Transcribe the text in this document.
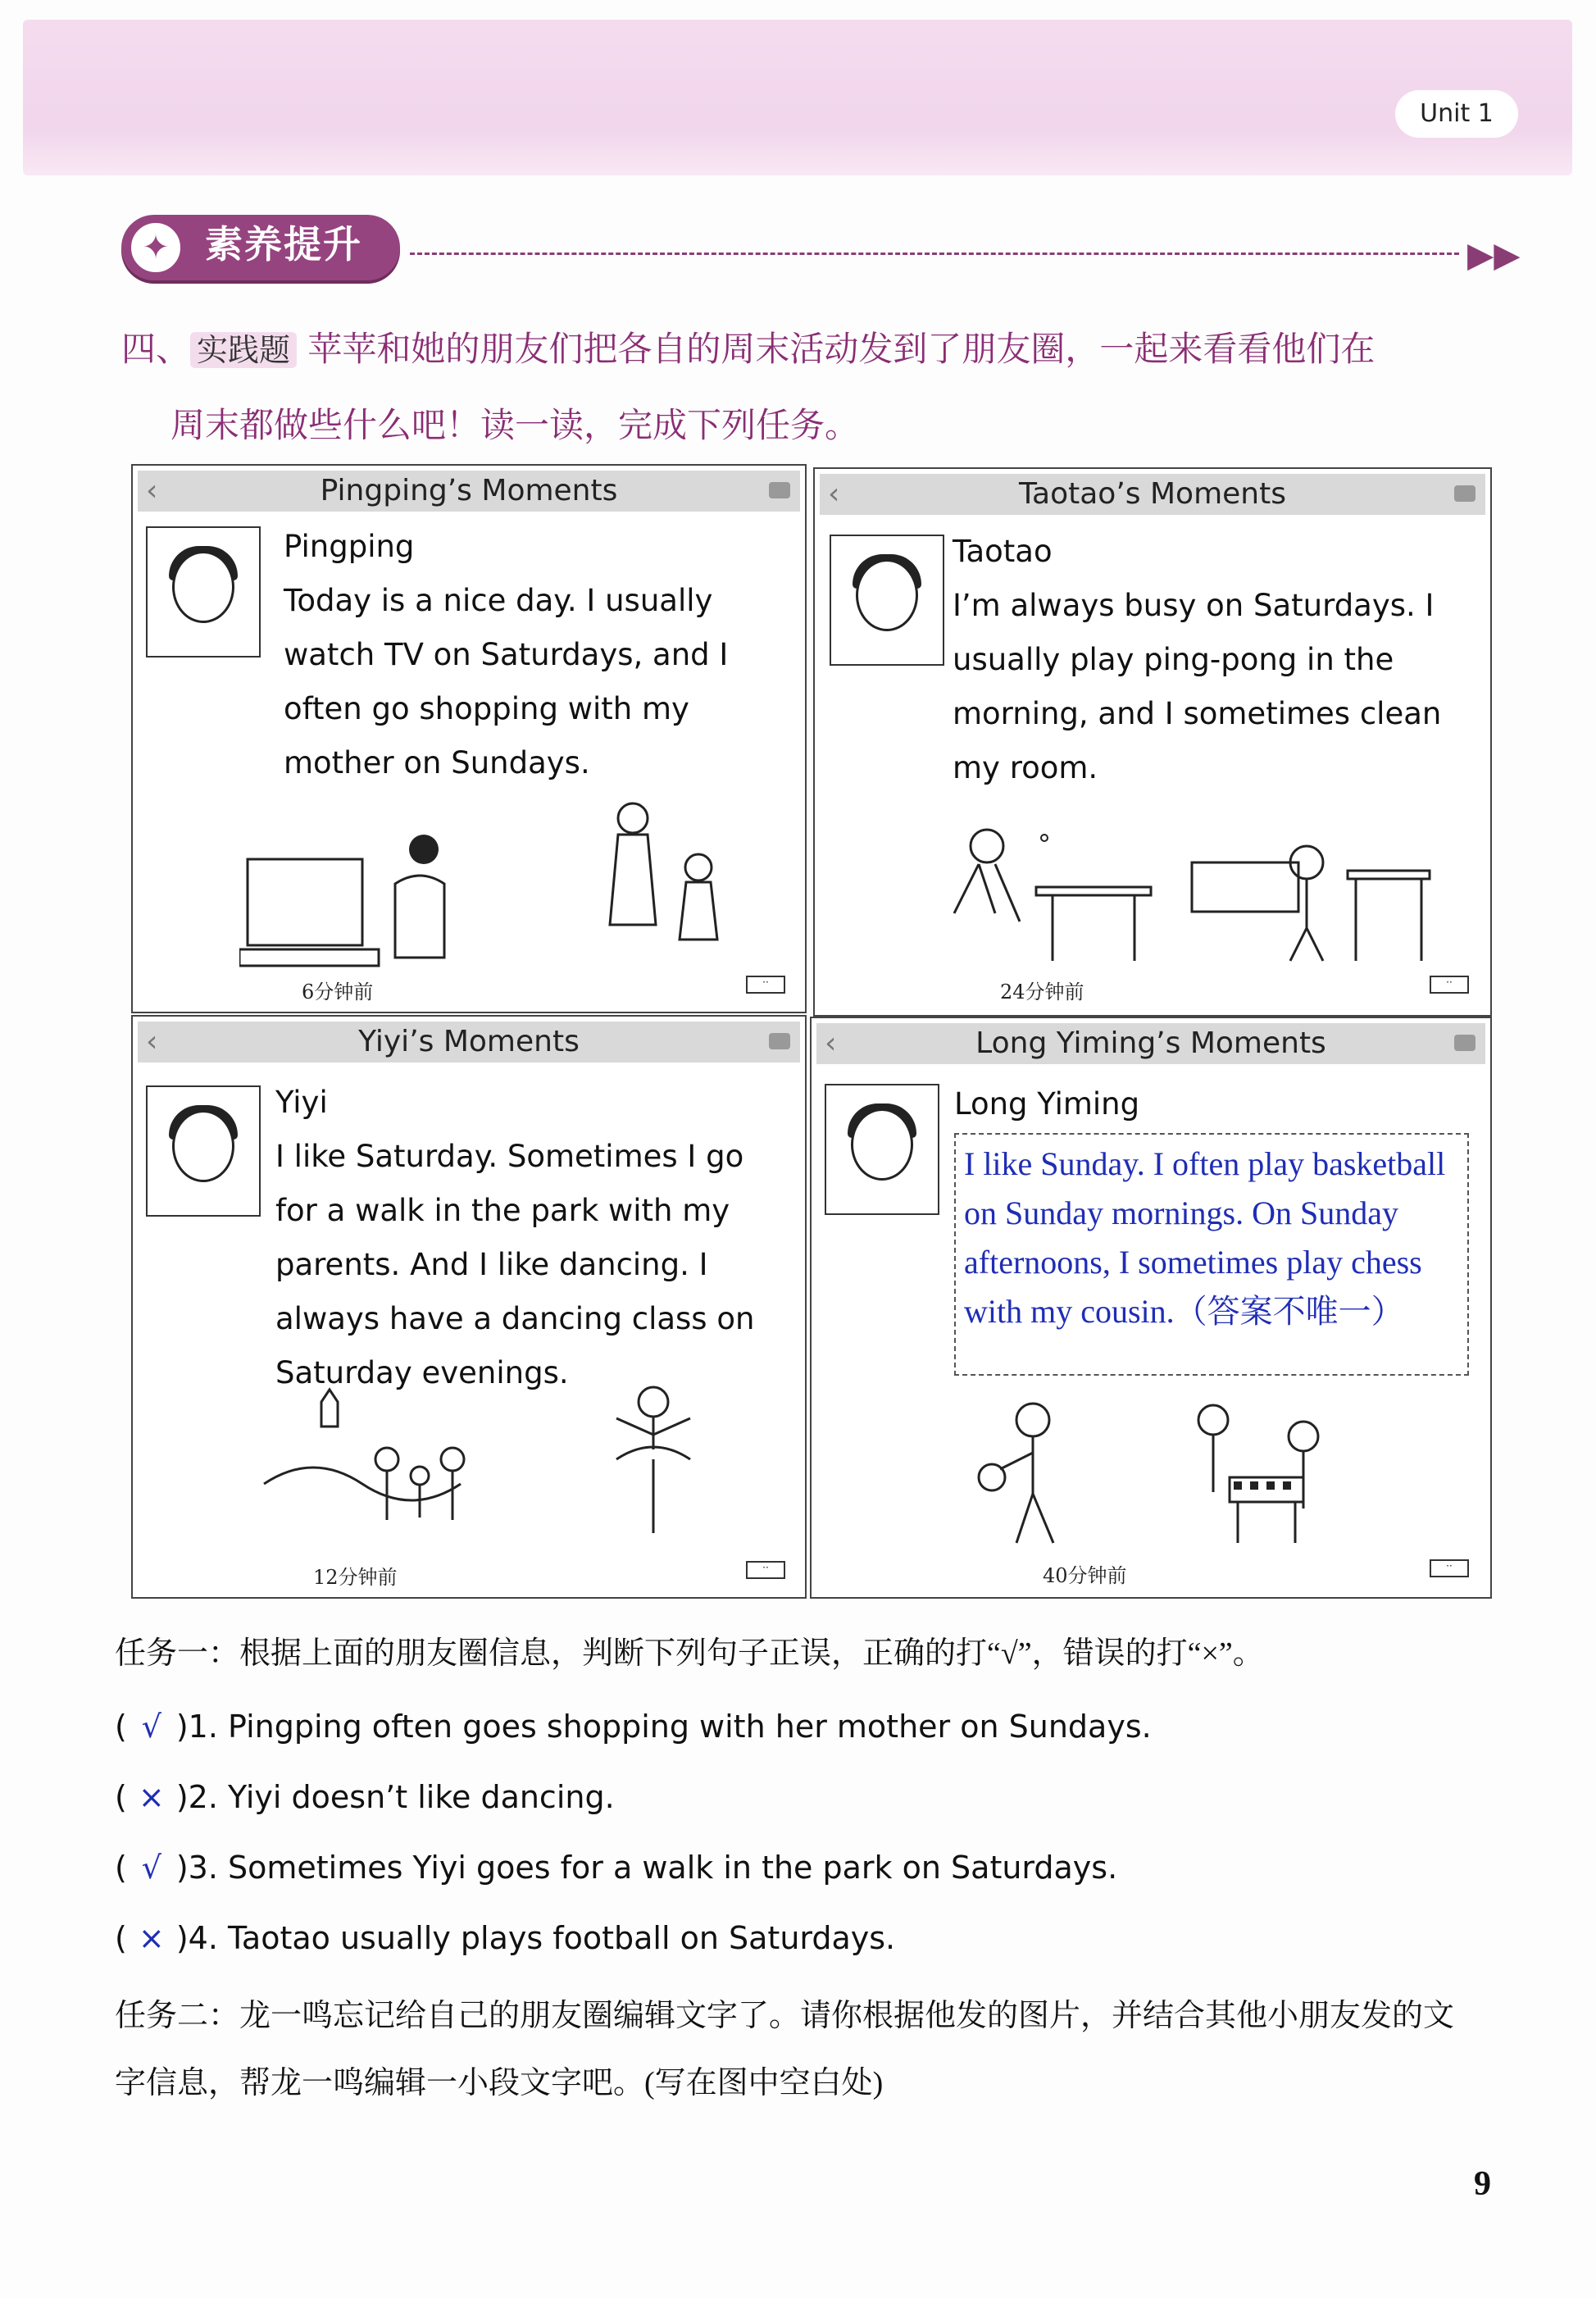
Unit 1
✦ 素养提升	▶▶
四、 实践题 苹苹和她的朋友们把各自的周末活动发到了朋友圈，一起来看看他们在
周末都做些什么吧！读一读，完成下列任务。
‹	Pingping’s Moments
Pingping
Today is a nice day. I usually watch TV on Saturdays, and I often go shopping with my mother on Sundays.
6分钟前	··
‹	Taotao’s Moments
Taotao
I’m always busy on Saturdays. I usually play ping-pong in the morning, and I sometimes clean my room.
24分钟前	··
‹	Yiyi’s Moments
Yiyi
I like Saturday. Sometimes I go for a walk in the park with my parents. And I like dancing. I always have a dancing class on Saturday evenings.
12分钟前	··
‹	Long Yiming’s Moments
Long Yiming
40分钟前	··
I like Sunday. I often play basketball on Sunday mornings. On Sunday afternoons, I sometimes play chess with my cousin.（答案不唯一）
任务一：根据上面的朋友圈信息，判断下列句子正误，正确的打“√”，错误的打“×”。
( √ )1. Pingping often goes shopping with her mother on Sundays.
( × )2. Yiyi doesn’t like dancing.
( √ )3. Sometimes Yiyi goes for a walk in the park on Saturdays.
( × )4. Taotao usually plays football on Saturdays.
任务二：龙一鸣忘记给自己的朋友圈编辑文字了。请你根据他发的图片，并结合其他小朋友发的文
字信息，帮龙一鸣编辑一小段文字吧。(写在图中空白处)
9
